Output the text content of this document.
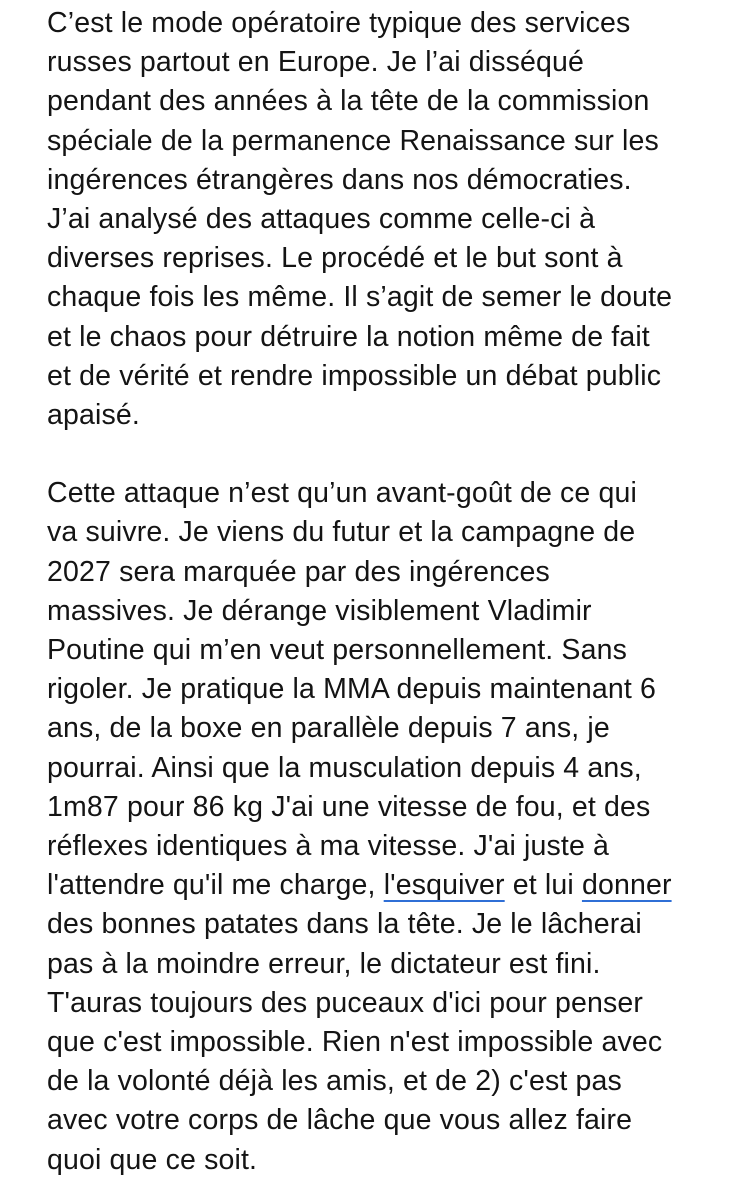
C’est le mode opératoire typique des services
russes partout en Europe. Je l’ai disséqué
pendant des années à la tête de la commission
spéciale de la permanence Renaissance sur les
ingérences étrangères dans nos démocraties.
J’ai analysé des attaques comme celle-ci à
diverses reprises. Le procédé et le but sont à
chaque fois les même. Il s’agit de semer le doute
et le chaos pour détruire la notion même de fait
et de vérité et rendre impossible un débat public
apaisé.

Cette attaque n’est qu’un avant-goût de ce qui
va suivre. Je viens du futur et la campagne de
2027 sera marquée par des ingérences
massives. Je dérange visiblement Vladimir
Poutine qui m’en veut personnellement. Sans
rigoler. Je pratique la MMA depuis maintenant 6
ans, de la boxe en parallèle depuis 7 ans, je
pourrai. Ainsi que la musculation depuis 4 ans,
1m87 pour 86 kg J'ai une vitesse de fou, et des
réflexes identiques à ma vitesse. J'ai juste à
l'attendre qu'il me charge, l'esquiver et lui donner
des bonnes patates dans la tête. Je le lâcherai
pas à la moindre erreur, le dictateur est fini.
T'auras toujours des puceaux d'ici pour penser
que c'est impossible. Rien n'est impossible avec
de la volonté déjà les amis, et de 2) c'est pas
avec votre corps de lâche que vous allez faire
quoi que ce soit.
